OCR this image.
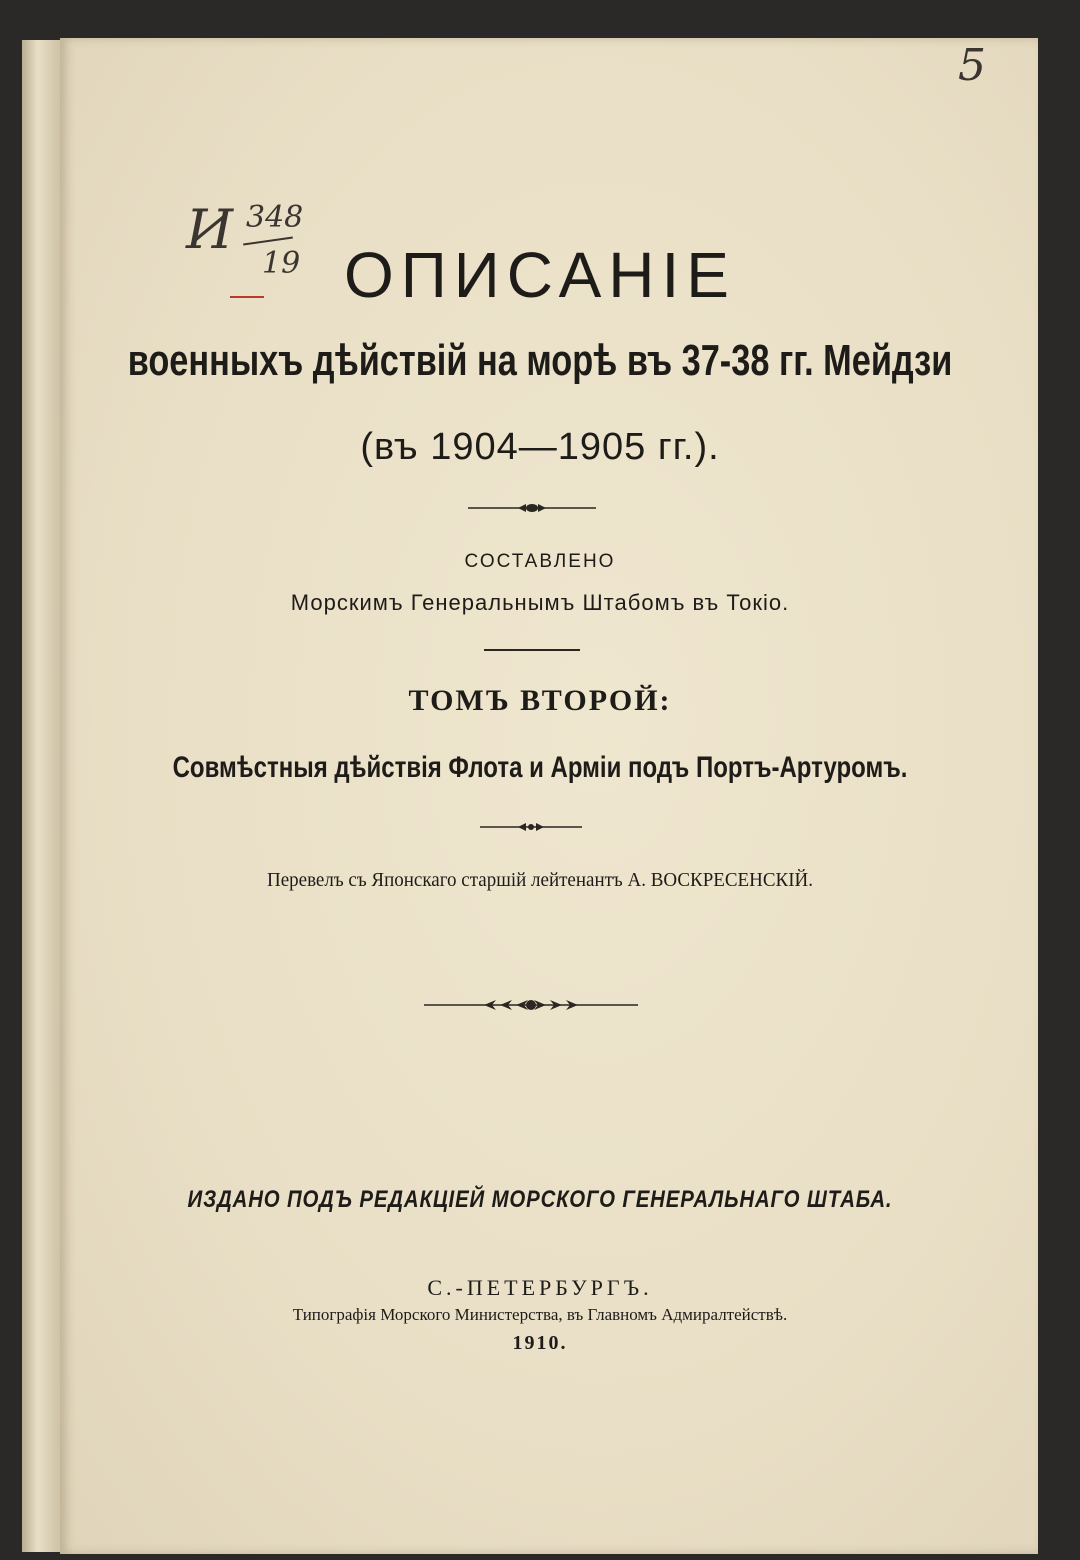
И 348
19
5
ОПИСАНІЕ

военныхъ дѣйствій на морѣ въ 37-38 гг. Мейдзи

(въ 1904—1905 гг.).

СОСТАВЛЕНО

Морскимъ Генеральнымъ Штабомъ въ Токіо.

ТОМЪ ВТОРОЙ:

Совмѣстныя дѣйствія Флота и Арміи подъ Портъ-Артуромъ.

Перевелъ съ Японскаго старшій лейтенантъ А. ВОСКРЕСЕНСКІЙ.

ИЗДАНО ПОДЪ РЕДАКЦІЕЙ МОРСКОГО ГЕНЕРАЛЬНАГО ШТАБА.

С.-ПЕТЕРБУРГЪ.

Типографія Морского Министерства, въ Главномъ Адмиралтействѣ.

1910.
